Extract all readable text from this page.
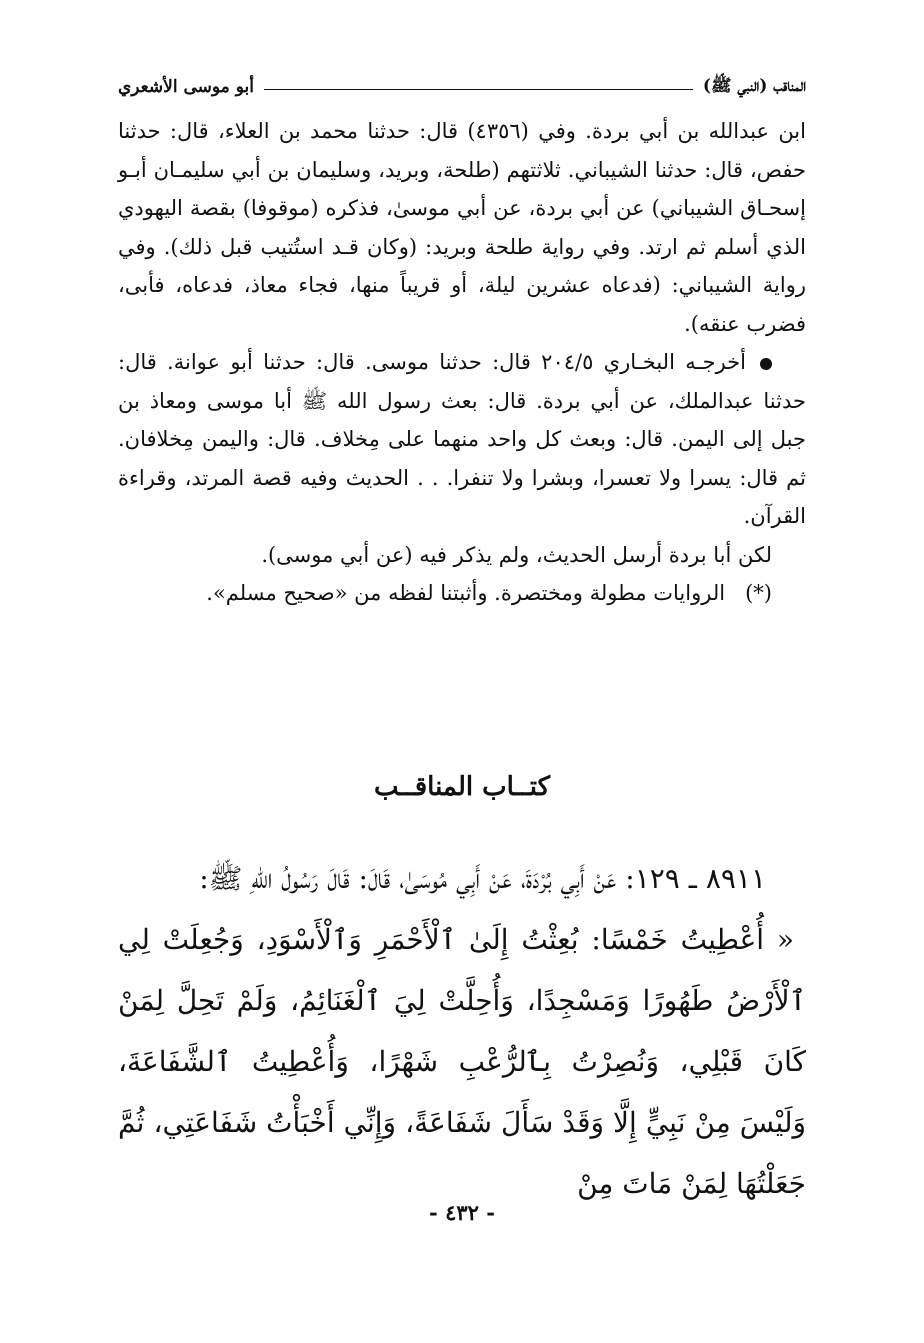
المناقب (النبي ﷺ)
أبو موسى الأشعري

ابن عبدالله بن أبي بردة. وفي (٤٣٥٦) قال: حدثنا محمد بن العلاء، قال: حدثنا حفص، قال: حدثنا الشيباني. ثلاثتهم (طلحة، وبريد، وسليمان بن أبي سليمـان أبـو إسحـاق الشيباني) عن أبي بردة، عن أبي موسىٰ، فذكره (موقوفا) بقصة اليهودي الذي أسلم ثم ارتد. وفي رواية طلحة وبريد: (وكان قـد استُتيب قبل ذلك). وفي رواية الشيباني: (فدعاه عشرين ليلة، أو قريباً منها، فجاء معاذ، فدعاه، فأبى، فضرب عنقه).

أخرجـه البخـاري ٢٠٤/٥ قال: حدثنا موسى. قال: حدثنا أبو عوانة. قال: حدثنا عبدالملك، عن أبي بردة. قال: بعث رسول الله ﷺ أبا موسى ومعاذ بن جبل إلى اليمن. قال: وبعث كل واحد منهما على مِخلاف. قال: واليمن مِخلافان. ثم قال: يسرا ولا تعسرا، وبشرا ولا تنفرا. . . الحديث وفيه قصة المرتد، وقراءة القرآن.

لكن أبا بردة أرسل الحديث، ولم يذكر فيه (عن أبي موسى).

(*)   الروايات مطولة ومختصرة. وأثبتنا لفظه من «صحيح مسلم».

كتــاب المناقــب

٨٩١١ ـ ١٢٩: عَنْ أَبِي بُرْدَةَ، عَنْ أَبِي مُوسَىٰ، قَالَ: قَالَ رَسُولُ اللهِ ﷺ:

« أُعْطِيتُ خَمْسًا: بُعِثْتُ إِلَىٰ ٱلْأَحْمَرِ وَٱلْأَسْوَدِ، وَجُعِلَتْ لِي ٱلْأَرْضُ طَهُورًا وَمَسْجِدًا، وَأُحِلَّتْ لِيَ ٱلْغَنَائِمُ، وَلَمْ تَحِلَّ لِمَنْ كَانَ قَبْلِي، وَنُصِرْتُ بِٱلرُّعْبِ شَهْرًا، وَأُعْطِيتُ ٱلشَّفَاعَةَ، وَلَيْسَ مِنْ نَبِيٍّ إِلَّا وَقَدْ سَأَلَ شَفَاعَةً، وَإِنِّي أَخْبَأْتُ شَفَاعَتِي، ثُمَّ جَعَلْتُهَا لِمَنْ مَاتَ مِنْ

- ٤٣٢ -
